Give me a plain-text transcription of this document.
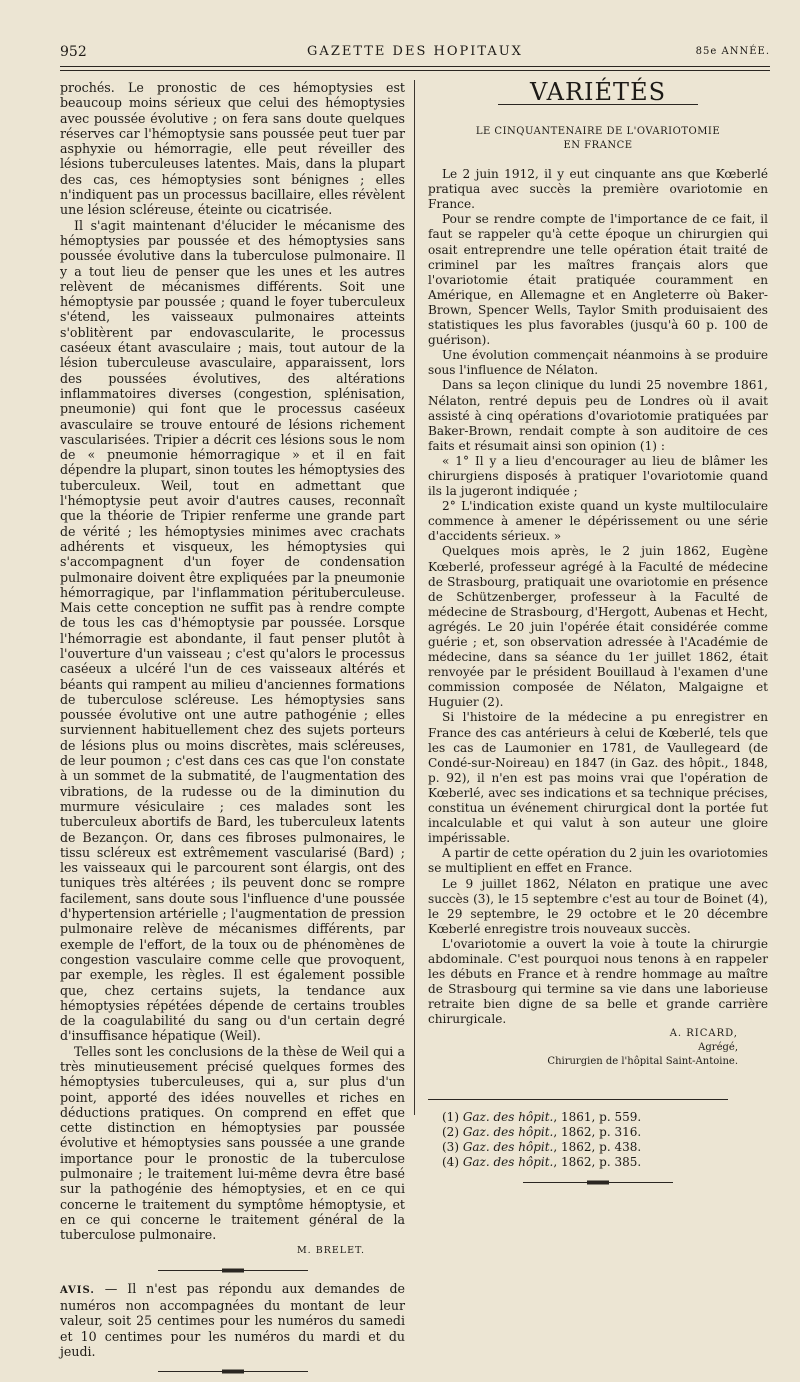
952	GAZETTE DES HOPITAUX	85e ANNÉE.

prochés. Le pronostic de ces hémoptysies est beaucoup moins sérieux que celui des hémoptysies avec poussée évolutive ; on fera sans doute quelques réserves car l'hémoptysie sans poussée peut tuer par asphyxie ou hémorragie, elle peut réveiller des lésions tuberculeuses latentes. Mais, dans la plupart des cas, ces hémoptysies sont bénignes ; elles n'indiquent pas un processus bacillaire, elles révèlent une lésion scléreuse, éteinte ou cicatrisée.

Il s'agit maintenant d'élucider le mécanisme des hémoptysies par poussée et des hémoptysies sans poussée évolutive dans la tuberculose pulmonaire. Il y a tout lieu de penser que les unes et les autres relèvent de mécanismes différents. Soit une hémoptysie par poussée ; quand le foyer tuberculeux s'étend, les vaisseaux pulmonaires atteints s'oblitèrent par endovascularite, le processus caséeux étant avasculaire ; mais, tout autour de la lésion tuberculeuse avasculaire, apparaissent, lors des poussées évolutives, des altérations inflammatoires diverses (congestion, splénisation, pneumonie) qui font que le processus caséeux avasculaire se trouve entouré de lésions richement vascularisées. Tripier a décrit ces lésions sous le nom de « pneumonie hémorragique » et il en fait dépendre la plupart, sinon toutes les hémoptysies des tuberculeux. Weil, tout en admettant que l'hémoptysie peut avoir d'autres causes, reconnaît que la théorie de Tripier renferme une grande part de vérité ; les hémoptysies minimes avec crachats adhérents et visqueux, les hémoptysies qui s'accompagnent d'un foyer de condensation pulmonaire doivent être expliquées par la pneumonie hémorragique, par l'inflammation pérituberculeuse. Mais cette conception ne suffit pas à rendre compte de tous les cas d'hémoptysie par poussée. Lorsque l'hémorragie est abondante, il faut penser plutôt à l'ouverture d'un vaisseau ; c'est qu'alors le processus caséeux a ulcéré l'un de ces vaisseaux altérés et béants qui rampent au milieu d'anciennes formations de tuberculose scléreuse. Les hémoptysies sans poussée évolutive ont une autre pathogénie ; elles surviennent habituellement chez des sujets porteurs de lésions plus ou moins discrètes, mais scléreuses, de leur poumon ; c'est dans ces cas que l'on constate à un sommet de la submatité, de l'augmentation des vibrations, de la rudesse ou de la diminution du murmure vésiculaire ; ces malades sont les tuberculeux abortifs de Bard, les tuberculeux latents de Bezançon. Or, dans ces fibroses pulmonaires, le tissu scléreux est extrêmement vascularisé (Bard) ; les vaisseaux qui le parcourent sont élargis, ont des tuniques très altérées ; ils peuvent donc se rompre facilement, sans doute sous l'influence d'une poussée d'hypertension artérielle ; l'augmentation de pression pulmonaire relève de mécanismes différents, par exemple de l'effort, de la toux ou de phénomènes de congestion vasculaire comme celle que provoquent, par exemple, les règles. Il est également possible que, chez certains sujets, la tendance aux hémoptysies répétées dépende de certains troubles de la coagulabilité du sang ou d'un certain degré d'insuffisance hépatique (Weil).

Telles sont les conclusions de la thèse de Weil qui a très minutieusement précisé quelques formes des hémoptysies tuberculeuses, qui a, sur plus d'un point, apporté des idées nouvelles et riches en déductions pratiques. On comprend en effet que cette distinction en hémoptysies par poussée évolutive et hémoptysies sans poussée a une grande importance pour le pronostic de la tuberculose pulmonaire ; le traitement lui-même devra être basé sur la pathogénie des hémoptysies, et en ce qui concerne le traitement du symptôme hémoptysie, et en ce qui concerne le traitement général de la tuberculose pulmonaire.

M. BRELET.

AVIS. — Il n'est pas répondu aux demandes de numéros non accompagnées du montant de leur valeur, soit 25 centimes pour les numéros du samedi et 10 centimes pour les numéros du mardi et du jeudi.

VARIÉTÉS
LE CINQUANTENAIRE DE L'OVARIOTOMIE
EN FRANCE

Le 2 juin 1912, il y eut cinquante ans que Kœberlé pratiqua avec succès la première ovariotomie en France.

Pour se rendre compte de l'importance de ce fait, il faut se rappeler qu'à cette époque un chirurgien qui osait entreprendre une telle opération était traité de criminel par les maîtres français alors que l'ovariotomie était pratiquée couramment en Amérique, en Allemagne et en Angleterre où Baker-Brown, Spencer Wells, Taylor Smith produisaient des statistiques les plus favorables (jusqu'à 60 p. 100 de guérison).

Une évolution commençait néanmoins à se produire sous l'influence de Nélaton.

Dans sa leçon clinique du lundi 25 novembre 1861, Nélaton, rentré depuis peu de Londres où il avait assisté à cinq opérations d'ovariotomie pratiquées par Baker-Brown, rendait compte à son auditoire de ces faits et résumait ainsi son opinion (1) :

« 1° Il y a lieu d'encourager au lieu de blâmer les chirurgiens disposés à pratiquer l'ovariotomie quand ils la jugeront indiquée ;

2° L'indication existe quand un kyste multiloculaire commence à amener le dépérissement ou une série d'accidents sérieux. »

Quelques mois après, le 2 juin 1862, Eugène Kœberlé, professeur agrégé à la Faculté de médecine de Strasbourg, pratiquait une ovariotomie en présence de Schützenberger, professeur à la Faculté de médecine de Strasbourg, d'Hergott, Aubenas et Hecht, agrégés. Le 20 juin l'opérée était considérée comme guérie ; et, son observation adressée à l'Académie de médecine, dans sa séance du 1er juillet 1862, était renvoyée par le président Bouillaud à l'examen d'une commission composée de Nélaton, Malgaigne et Huguier (2).

Si l'histoire de la médecine a pu enregistrer en France des cas antérieurs à celui de Kœberlé, tels que les cas de Laumonier en 1781, de Vaullegeard (de Condé-sur-Noireau) en 1847 (in Gaz. des hôpit., 1848, p. 92), il n'en est pas moins vrai que l'opération de Kœberlé, avec ses indications et sa technique précises, constitua un événement chirurgical dont la portée fut incalculable et qui valut à son auteur une gloire impérissable.

A partir de cette opération du 2 juin les ovariotomies se multiplient en effet en France.

Le 9 juillet 1862, Nélaton en pratique une avec succès (3), le 15 septembre c'est au tour de Boinet (4), le 29 septembre, le 29 octobre et le 20 décembre Kœberlé enregistre trois nouveaux succès.

L'ovariotomie a ouvert la voie à toute la chirurgie abdominale. C'est pourquoi nous tenons à en rappeler les débuts en France et à rendre hommage au maître de Strasbourg qui termine sa vie dans une laborieuse retraite bien digne de sa belle et grande carrière chirurgicale.

A. RICARD,
Agrégé,
Chirurgien de l'hôpital Saint-Antoine.

(1) Gaz. des hôpit., 1861, p. 559.

(2) Gaz. des hôpit., 1862, p. 316.

(3) Gaz. des hôpit., 1862, p. 438.

(4) Gaz. des hôpit., 1862, p. 385.
